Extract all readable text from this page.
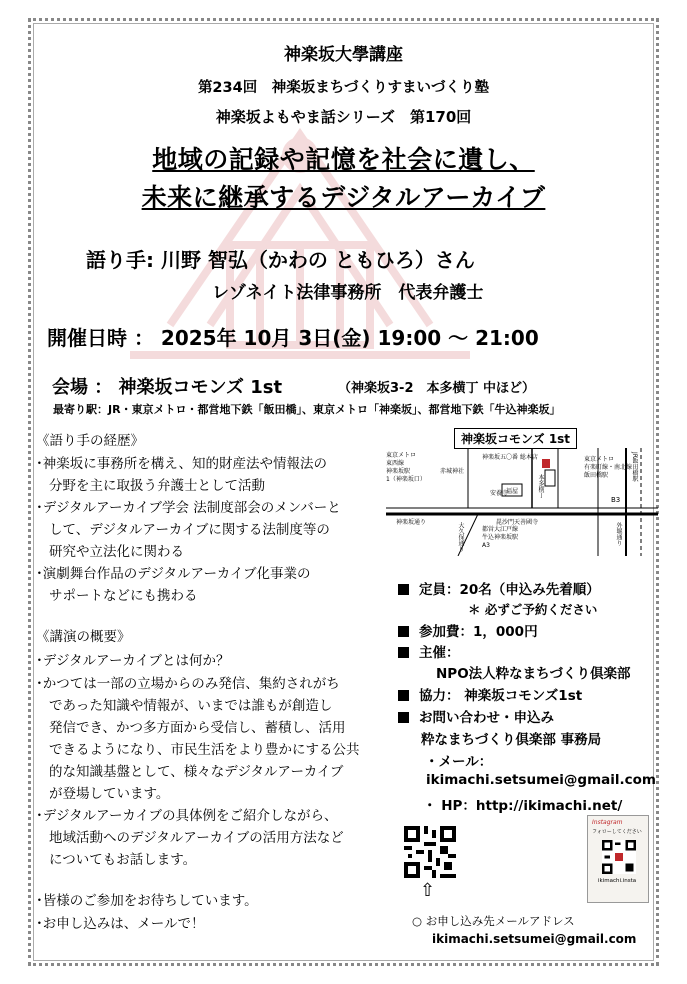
神楽坂大學講座
第234回　神楽坂まちづくりすまいづくり塾
神楽坂よもやま話シリーズ　第170回
地域の記録や記憶を社会に遺し、
未来に継承するデジタルアーカイブ
語り手: 川野 智弘（かわの ともひろ）さん
レゾネイト法律事務所　代表弁護士
開催日時 ： 2025年 10月 3日(金) 19:00 ～ 21:00
会場 ： 神楽坂コモンズ 1st	（神楽坂3-2　本多横丁 中ほど）
最寄り駅：JR・東京メトロ・都営地下鉄「飯田橋」、東京メトロ「神楽坂」、都営地下鉄「牛込神楽坂」
《語り手の経歴》
･神楽坂に事務所を構え、知的財産法や情報法の
分野を主に取扱う弁護士として活動
･デジタルアーカイブ学会 法制度部会のメンバーと
して、デジタルアーカイブに関する法制度等の
研究や立法化に関わる
･演劇舞台作品のデジタルアーカイブ化事業の
サポートなどにも携わる
《講演の概要》
･デジタルアーカイブとは何か？
･かつては一部の立場からのみ発信、集約されがち
であった知識や情報が、いまでは誰もが創造し
発信でき、かつ多方面から受信し、蓄積し、活用
できるようになり、市民生活をより豊かにする公共
的な知識基盤として、様々なデジタルアーカイブ
が登場しています。
･デジタルアーカイブの具体例をご紹介しながら、
地域活動へのデジタルアーカイブの活用方法など
についてもお話します。
･皆様のご参加をお待ちしています。
･お申し込みは、メールで！
神楽坂コモンズ 1st
東京メトロ
東西線
神楽坂駅
1（神楽坂口）
赤城神社
神楽坂五〇番 総本店	東京メトロ
有楽町線・南北線
飯田橋駅	JR飯田橋駅
B3
安養寺
福屋	本多横丁
神楽坂通り	毘沙門天善國寺
大久保通り	都営大江戸線
牛込神楽坂駅
A3	外堀通り
定員：20名（申込み先着順）
＊ 必ずご予約ください
参加費：1，000円
主催：
NPO法人粋なまちづくり倶楽部
協力： 神楽坂コモンズ1st
お問い合わせ・申込み
粋なまちづくり倶楽部 事務局
・メール：
ikimachi.setsumei@gmail.com
・ HP：http://ikimachi.net/
⇧
Instagram
フォローしてください
ikimachi.insta
○ お申し込み先メールアドレス
ikimachi.setsumei@gmail.com
